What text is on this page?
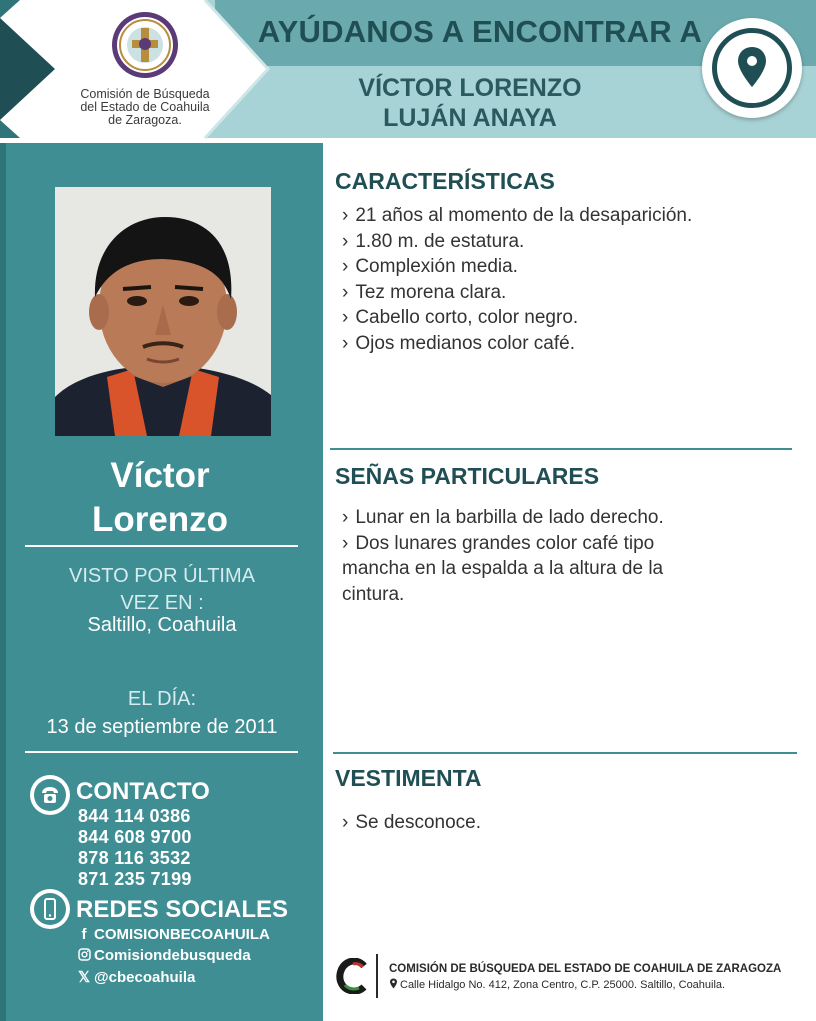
Comisión de Búsqueda
del Estado de Coahuila
de Zaragoza.
AYÚDANOS A ENCONTRAR A
VÍCTOR LORENZO
LUJÁN ANAYA
Víctor
Lorenzo
VISTO POR ÚLTIMA
VEZ EN :
Saltillo, Coahuila
EL DÍA:
13 de septiembre de 2011
CONTACTO
844 114 0386
844 608 9700
878 116 3532
871 235 7199
REDES SOCIALES
f COMISIONBECOAHUILA
Comisiondebusqueda
𝕏 @cbecoahuila
CARACTERÍSTICAS
› 21 años al momento de la desaparición.
› 1.80 m. de estatura.
› Complexión media.
› Tez morena clara.
› Cabello corto, color negro.
› Ojos medianos color café.
SEÑAS PARTICULARES
› Lunar en la barbilla de lado derecho.
› Dos lunares grandes color café tipo
mancha en la espalda a la altura de la
cintura.
VESTIMENTA
› Se desconoce.
COMISIÓN DE BÚSQUEDA DEL ESTADO DE COAHUILA DE ZARAGOZA
Calle Hidalgo No. 412, Zona Centro, C.P. 25000. Saltillo, Coahuila.
